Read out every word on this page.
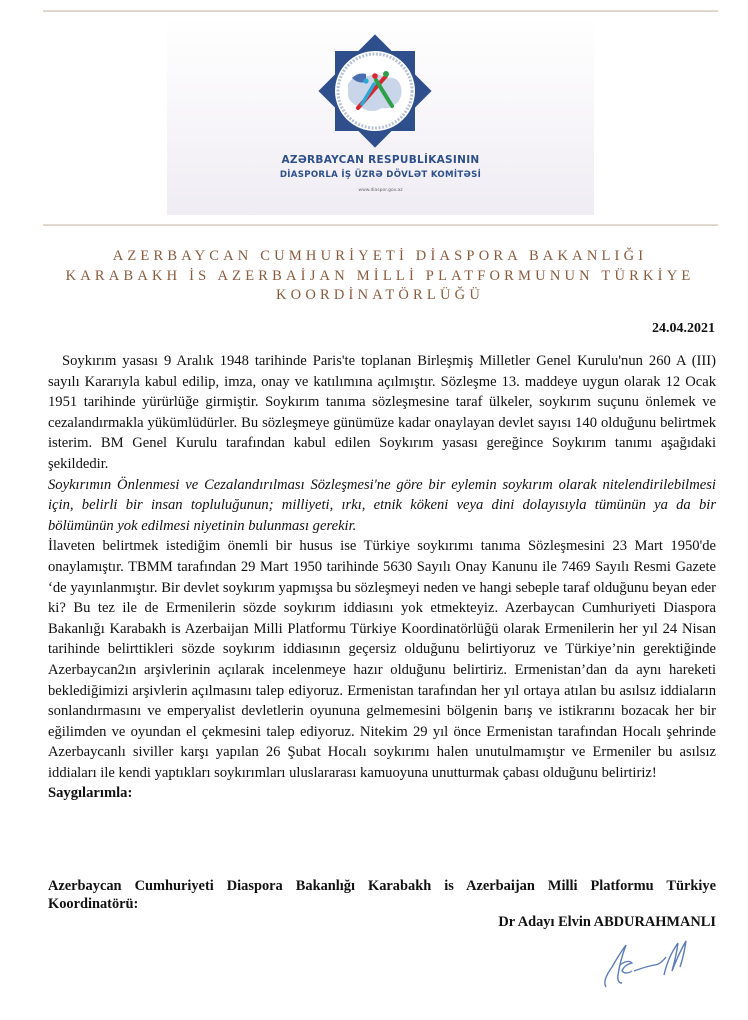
AZƏRBAYCAN RESPUBLİKASININ
DİASPORLA İŞ ÜZRƏ DÖVLƏT KOMİTƏSİ
www.diaspor.gov.az
AZERBAYCAN CUMHURİYETİ DİASPORA BAKANLIĞI
KARABAKH İS AZERBAİJAN MİLLİ PLATFORMUNUN TÜRKİYE
KOORDİNATÖRLÜĞÜ
24.04.2021

Soykırım yasası 9 Aralık 1948 tarihinde Paris'te toplanan Birleşmiş Milletler Genel Kurulu'nun 260 A (III) sayılı Kararıyla kabul edilip, imza, onay ve katılımına açılmıştır. Sözleşme 13. maddeye uygun olarak 12 Ocak 1951 tarihinde yürürlüğe girmiştir. Soykırım tanıma sözleşmesine taraf ülkeler, soykırım suçunu önlemek ve cezalandırmakla yükümlüdürler. Bu sözleşmeye günümüze kadar onaylayan devlet sayısı 140 olduğunu belirtmek isterim. BM Genel Kurulu tarafından kabul edilen Soykırım yasası gereğince Soykırım tanımı aşağıdaki şekildedir.

Soykırımın Önlenmesi ve Cezalandırılması Sözleşmesi'ne göre bir eylemin soykırım olarak nitelendirilebilmesi için, belirli bir insan topluluğunun; milliyeti, ırkı, etnik kökeni veya dini dolayısıyla tümünün ya da bir bölümünün yok edilmesi niyetinin bulunması gerekir.

İlaveten belirtmek istediğim önemli bir husus ise Türkiye soykırımı tanıma Sözleşmesini 23 Mart 1950'de onaylamıştır. TBMM tarafından 29 Mart 1950 tarihinde 5630 Sayılı Onay Kanunu ile 7469 Sayılı Resmi Gazete ‘de yayınlanmıştır. Bir devlet soykırım yapmışsa bu sözleşmeyi neden ve hangi sebeple taraf olduğunu beyan eder ki? Bu tez ile de Ermenilerin sözde soykırım iddiasını yok etmekteyiz. Azerbaycan Cumhuriyeti Diaspora Bakanlığı Karabakh is Azerbaijan Milli Platformu Türkiye Koordinatörlüğü olarak Ermenilerin her yıl 24 Nisan tarihinde belirttikleri sözde soykırım iddiasının geçersiz olduğunu belirtiyoruz ve Türkiye’nin gerektiğinde Azerbaycan2ın arşivlerinin açılarak incelenmeye hazır olduğunu belirtiriz. Ermenistan’dan da aynı hareketi beklediğimizi arşivlerin açılmasını talep ediyoruz. Ermenistan tarafından her yıl ortaya atılan bu asılsız iddiaların sonlandırmasını ve emperyalist devletlerin oyununa gelmemesini bölgenin barış ve istikrarını bozacak her bir eğilimden ve oyundan el çekmesini talep ediyoruz. Nitekim 29 yıl önce Ermenistan tarafından Hocalı şehrinde Azerbaycanlı siviller karşı yapılan 26 Şubat Hocalı soykırımı halen unutulmamıştır ve Ermeniler bu asılsız iddiaları ile kendi yaptıkları soykırımları uluslararası kamuoyuna unutturmak çabası olduğunu belirtiriz!

Saygılarımla:

Azerbaycan Cumhuriyeti Diaspora Bakanlığı Karabakh is Azerbaijan Milli Platformu Türkiye Koordinatörü:
Dr Adayı Elvin ABDURAHMANLI
